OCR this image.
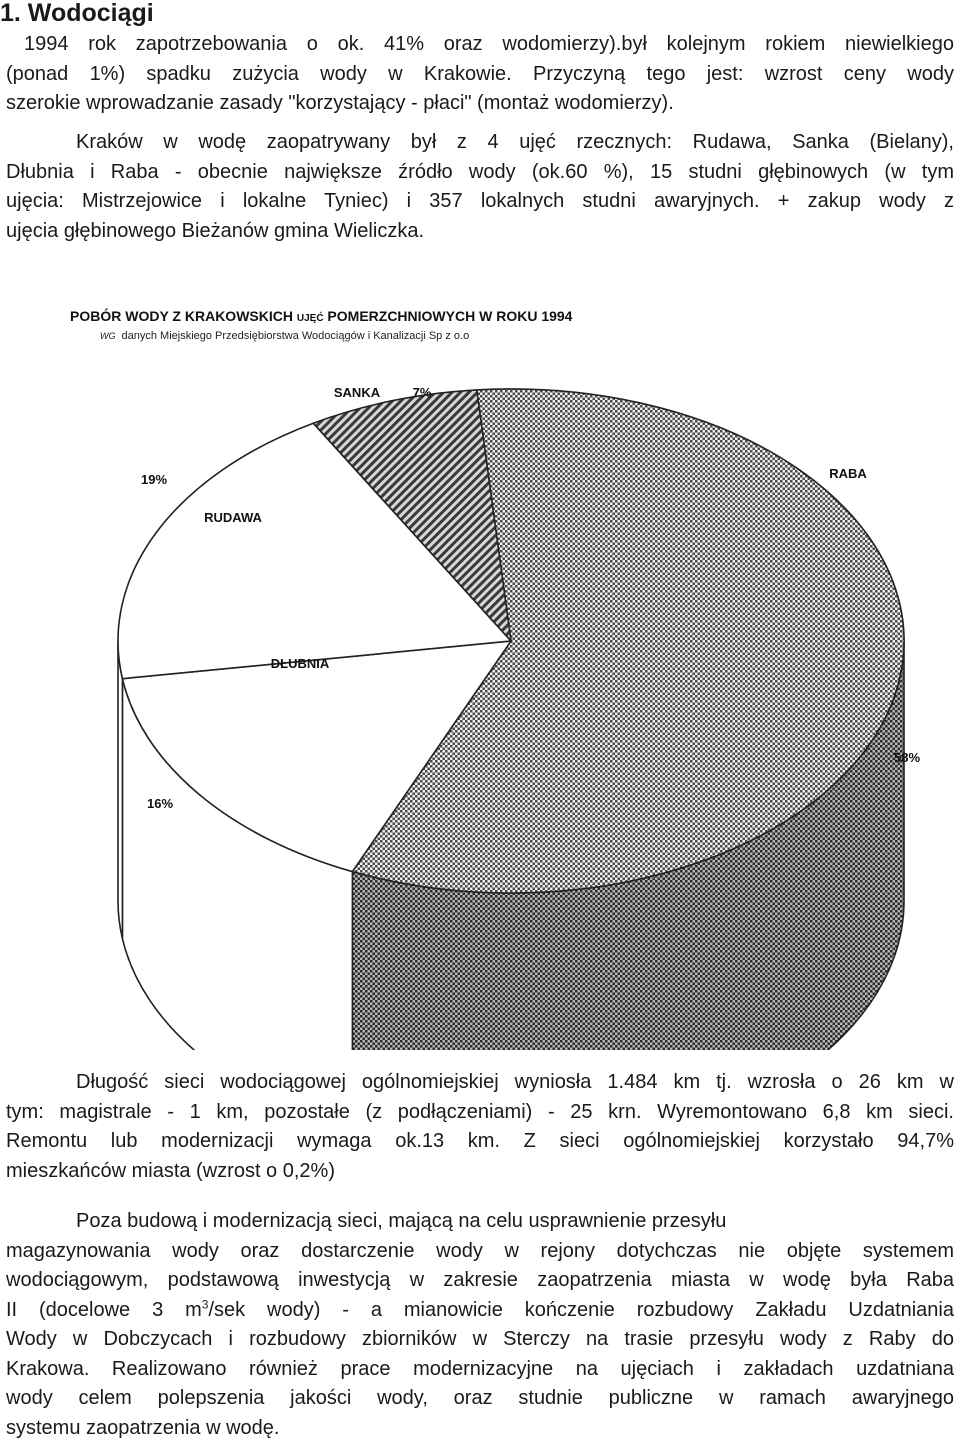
1. Wodociągi

1994 rok zapotrzebowania o ok. 41% oraz wodomierzy).był kolejnym rokiem niewielkiego
(ponad 1%) spadku zużycia wody w Krakowie. Przyczyną tego jest: wzrost ceny wody
szerokie wprowadzanie zasady "korzystający - płaci" (montaż wodomierzy).

Kraków w wodę zaopatrywany był z 4 ujęć rzecznych: Rudawa, Sanka (Bielany),
Dłubnia i Raba - obecnie największe źródło wody (ok.60 %), 15 studni głębinowych (w tym
ujęcia: Mistrzejowice i lokalne Tyniec) i 357 lokalnych studni awaryjnych. + zakup wody z
ujęcia głębinowego Bieżanów gmina Wieliczka.

POBÓR WODY Z KRAKOWSKICH UJĘĆ POMERZCHNIOWYCH W ROKU 1994

WG danych Miejskiego Przedsiębiorstwa Wodociągów i Kanalizacji Sp z o.o

RABA
58%
DŁUBNIA
16%
RUDAWA
19%
SANKA 7%

Długość sieci wodociągowej ogólnomiejskiej wyniosła 1.484 km tj. wzrosła o 26 km w
tym: magistrale - 1 km, pozostałe (z podłączeniami) - 25 krn. Wyremontowano 6,8 km sieci.
Remontu lub modernizacji wymaga ok.13 km. Z sieci ogólnomiejskiej korzystało 94,7%
mieszkańców miasta (wzrost o 0,2%)

Poza budową i modernizacją sieci, mającą na celu usprawnienie przesyłu
magazynowania wody oraz dostarczenie wody w rejony dotychczas nie objęte systemem
wodociągowym, podstawową inwestycją w zakresie zaopatrzenia miasta w wodę była Raba
II (docelowe 3 $m^3$/sek wody) - a mianowicie kończenie rozbudowy Zakładu Uzdatniania
Wody w Dobczycach i rozbudowy zbiorników w Sterczy na trasie przesyłu wody z Raby do
Krakowa. Realizowano również prace modernizacyjne na ujęciach i zakładach uzdatniana
wody celem polepszenia jakości wody, oraz studnie publiczne w ramach awaryjnego
systemu zaopatrzenia w wodę.
